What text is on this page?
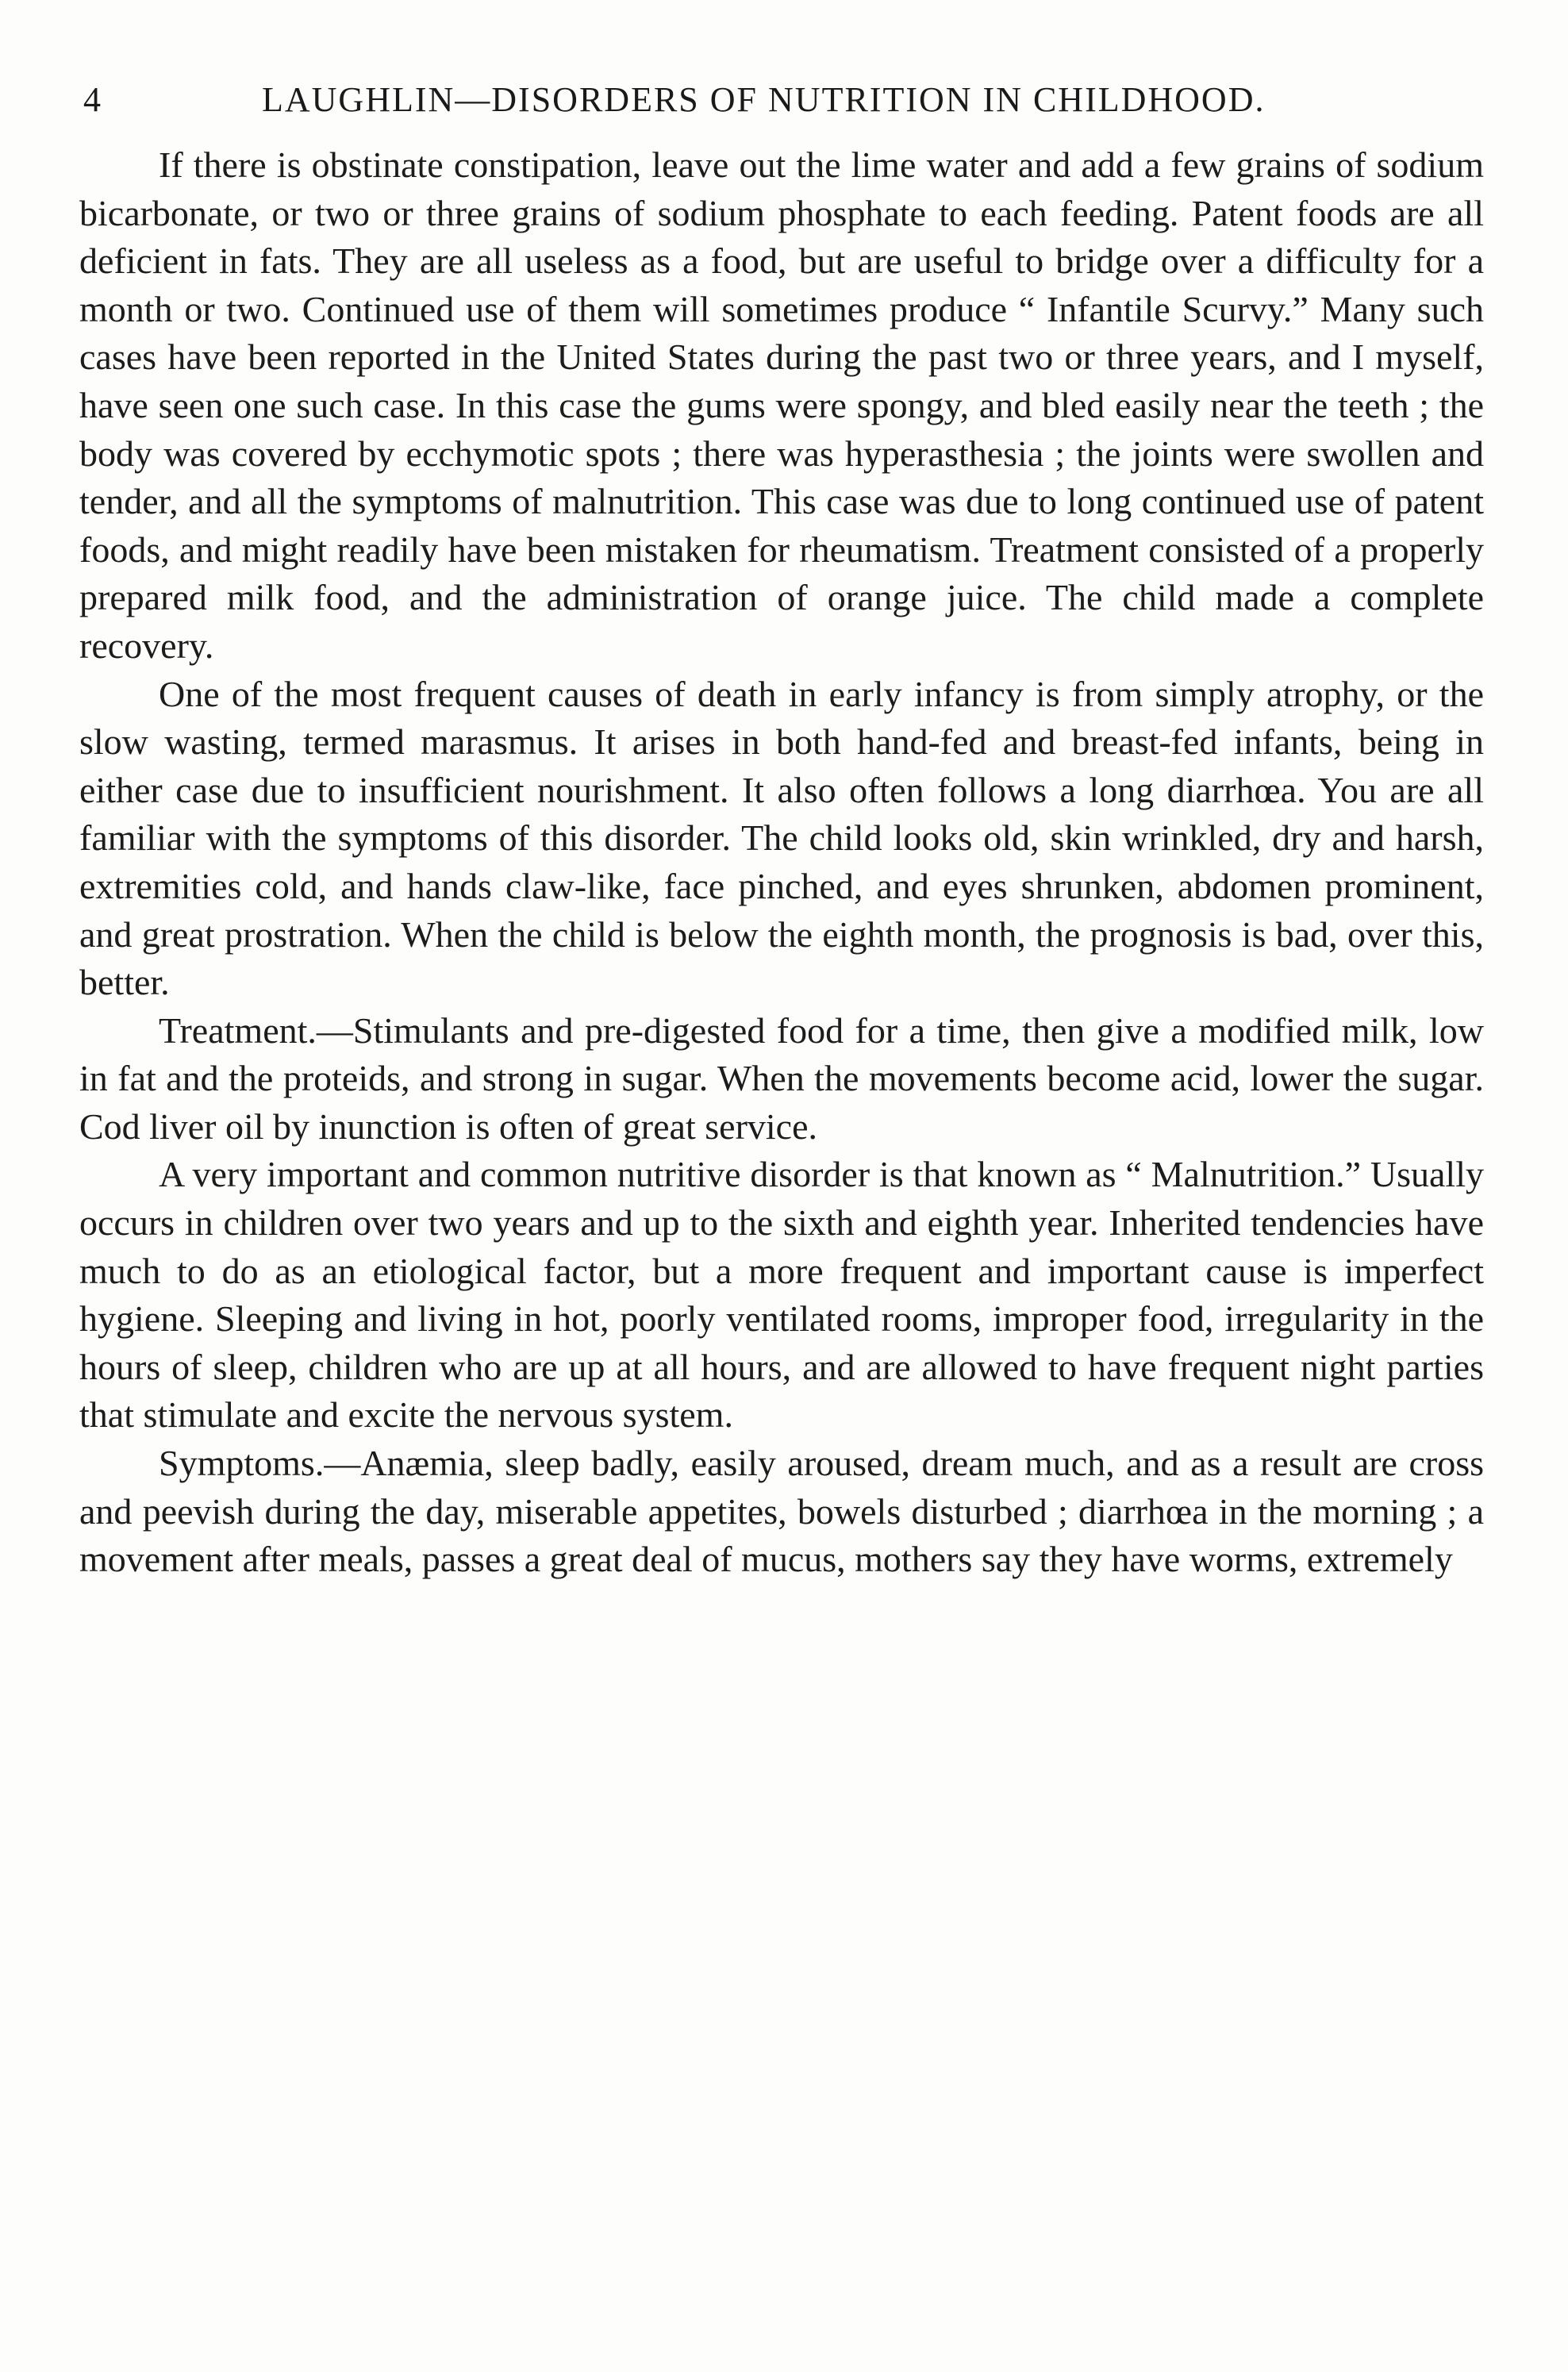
4	LAUGHLIN—DISORDERS OF NUTRITION IN CHILDHOOD.

If there is obstinate constipation, leave out the lime water and add a few grains of sodium bicarbonate, or two or three grains of sodium phosphate to each feeding. Patent foods are all deficient in fats. They are all useless as a food, but are useful to bridge over a difficulty for a month or two. Continued use of them will sometimes produce “ Infantile Scurvy.” Many such cases have been reported in the United States during the past two or three years, and I myself, have seen one such case. In this case the gums were spongy, and bled easily near the teeth ; the body was covered by ecchymotic spots ; there was hyperasthesia ; the joints were swollen and tender, and all the symptoms of malnutrition. This case was due to long continued use of patent foods, and might readily have been mistaken for rheumatism. Treatment consisted of a properly prepared milk food, and the administration of orange juice. The child made a complete recovery.

One of the most frequent causes of death in early infancy is from simply atrophy, or the slow wasting, termed marasmus. It arises in both hand-fed and breast-fed infants, being in either case due to insufficient nourishment. It also often follows a long diarrhœa. You are all familiar with the symptoms of this disorder. The child looks old, skin wrinkled, dry and harsh, extremities cold, and hands claw-like, face pinched, and eyes shrunken, abdomen prominent, and great prostration. When the child is below the eighth month, the prognosis is bad, over this, better.

Treatment.—Stimulants and pre-digested food for a time, then give a modified milk, low in fat and the proteids, and strong in sugar. When the movements become acid, lower the sugar. Cod liver oil by inunction is often of great service.

A very important and common nutritive disorder is that known as “ Malnutrition.” Usually occurs in children over two years and up to the sixth and eighth year. Inherited tendencies have much to do as an etiological factor, but a more frequent and important cause is imperfect hygiene. Sleeping and living in hot, poorly ventilated rooms, improper food, irregularity in the hours of sleep, children who are up at all hours, and are allowed to have frequent night parties that stimulate and excite the nervous system.

Symptoms.—Anæmia, sleep badly, easily aroused, dream much, and as a result are cross and peevish during the day, miserable appetites, bowels disturbed ; diarrhœa in the morning ; a movement after meals, passes a great deal of mucus, mothers say they have worms, extremely
